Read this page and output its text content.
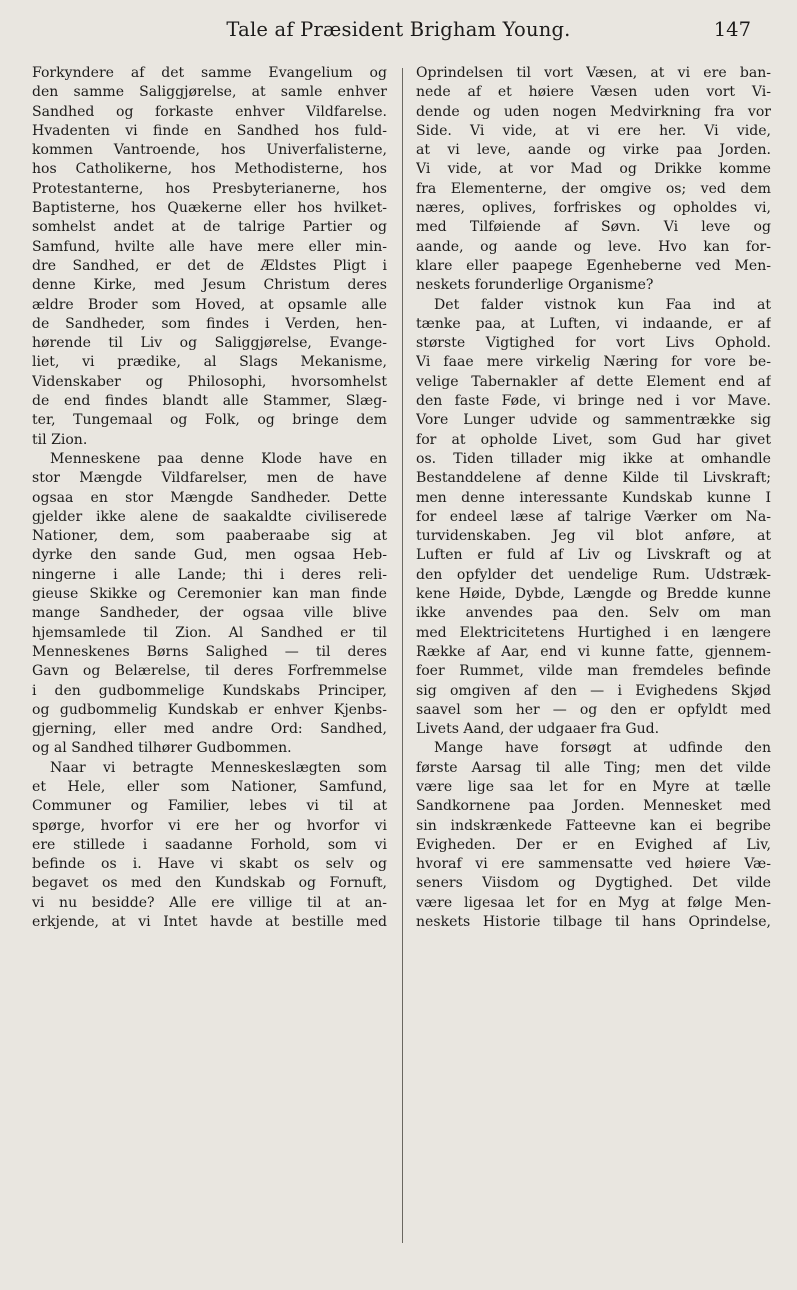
Tale af Præsident Brigham Young.	147
Forkyndere af det samme Evangelium og
den samme Saliggjørelse, at samle enhver
Sandhed og forkaste enhver Vildfarelse.
Hvadenten vi finde en Sandhed hos fuld-
kommen Vantroende, hos Univerfalisterne,
hos Catholikerne, hos Methodisterne, hos
Protestanterne, hos Presbyterianerne, hos
Baptisterne, hos Quækerne eller hos hvilket-
somhelst andet at de talrige Partier og
Samfund, hvilte alle have mere eller min-
dre Sandhed, er det de Ældstes Pligt i
denne Kirke, med Jesum Christum deres
ældre Broder som Hoved, at opsamle alle
de Sandheder, som findes i Verden, hen-
hørende til Liv og Saliggjørelse, Evange-
liet, vi prædike, al Slags Mekanisme,
Videnskaber og Philosophi, hvorsomhelst
de end findes blandt alle Stammer, Slæg-
ter, Tungemaal og Folk, og bringe dem
til Zion.
Menneskene paa denne Klode have en
stor Mængde Vildfarelser, men de have
ogsaa en stor Mængde Sandheder. Dette
gjelder ikke alene de saakaldte civiliserede
Nationer, dem, som paaberaabe sig at
dyrke den sande Gud, men ogsaa Heb-
ningerne i alle Lande; thi i deres reli-
gieuse Skikke og Ceremonier kan man finde
mange Sandheder, der ogsaa ville blive
hjemsamlede til Zion. Al Sandhed er til
Menneskenes Børns Salighed — til deres
Gavn og Belærelse, til deres Forfremmelse
i den gudbommelige Kundskabs Principer,
og gudbommelig Kundskab er enhver Kjenbs-
gjerning, eller med andre Ord: Sandhed,
og al Sandhed tilhører Gudbommen.
Naar vi betragte Menneskeslægten som
et Hele, eller som Nationer, Samfund,
Communer og Familier, lebes vi til at
spørge, hvorfor vi ere her og hvorfor vi
ere stillede i saadanne Forhold, som vi
befinde os i. Have vi skabt os selv og
begavet os med den Kundskab og Fornuft,
vi nu besidde? Alle ere villige til at an-
erkjende, at vi Intet havde at bestille med
Oprindelsen til vort Væsen, at vi ere ban-
nede af et høiere Væsen uden vort Vi-
dende og uden nogen Medvirkning fra vor
Side. Vi vide, at vi ere her. Vi vide,
at vi leve, aande og virke paa Jorden.
Vi vide, at vor Mad og Drikke komme
fra Elementerne, der omgive os; ved dem
næres, oplives, forfriskes og opholdes vi,
med Tilføiende af Søvn. Vi leve og
aande, og aande og leve. Hvo kan for-
klare eller paapege Egenheberne ved Men-
neskets forunderlige Organisme?
Det falder vistnok kun Faa ind at
tænke paa, at Luften, vi indaande, er af
største Vigtighed for vort Livs Ophold.
Vi faae mere virkelig Næring for vore be-
velige Tabernakler af dette Element end af
den faste Føde, vi bringe ned i vor Mave.
Vore Lunger udvide og sammentrække sig
for at opholde Livet, som Gud har givet
os. Tiden tillader mig ikke at omhandle
Bestanddelene af denne Kilde til Livskraft;
men denne interessante Kundskab kunne I
for endeel læse af talrige Værker om Na-
turvidenskaben. Jeg vil blot anføre, at
Luften er fuld af Liv og Livskraft og at
den opfylder det uendelige Rum. Udstræk-
kene Høide, Dybde, Længde og Bredde kunne
ikke anvendes paa den. Selv om man
med Elektricitetens Hurtighed i en længere
Række af Aar, end vi kunne fatte, gjennem-
foer Rummet, vilde man fremdeles befinde
sig omgiven af den — i Evighedens Skjød
saavel som her — og den er opfyldt med
Livets Aand, der udgaaer fra Gud.
Mange have forsøgt at udfinde den
første Aarsag til alle Ting; men det vilde
være lige saa let for en Myre at tælle
Sandkornene paa Jorden. Mennesket med
sin indskrænkede Fatteevne kan ei begribe
Evigheden. Der er en Evighed af Liv,
hvoraf vi ere sammensatte ved høiere Væ-
seners Viisdom og Dygtighed. Det vilde
være ligesaa let for en Myg at følge Men-
neskets Historie tilbage til hans Oprindelse,
